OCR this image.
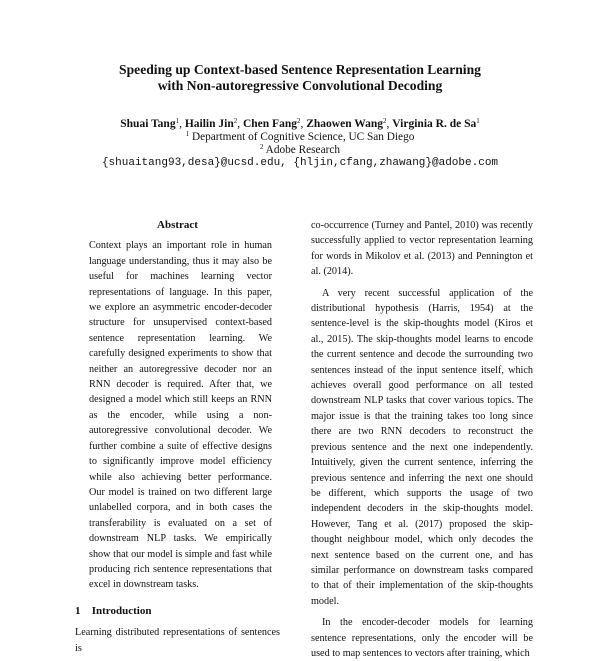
Speeding up Context-based Sentence Representation Learning
with Non-autoregressive Convolutional Decoding
Shuai Tang$^1$, Hailin Jin$^2$, Chen Fang$^2$, Zhaowen Wang$^2$, Virginia R. de Sa$^1$
$^1$ Department of Cognitive Science, UC San Diego
$^2$ Adobe Research
{shuaitang93,desa}@ucsd.edu, {hljin,cfang,zhawang}@adobe.com
Abstract
Context plays an important role in human language understanding, thus it may also be useful for machines learning vector representations of language. In this paper, we explore an asymmetric encoder-decoder structure for unsupervised context-based sentence representation learning. We carefully designed experiments to show that neither an autoregressive decoder nor an RNN decoder is required. After that, we designed a model which still keeps an RNN as the encoder, while using a non-autoregressive convolutional decoder. We further combine a suite of effective designs to significantly improve model efficiency while also achieving better performance. Our model is trained on two different large unlabelled corpora, and in both cases the transferability is evaluated on a set of downstream NLP tasks. We empirically show that our model is simple and fast while producing rich sentence representations that excel in downstream tasks.
1 Introduction

Learning distributed representations of sentences is

co-occurrence (Turney and Pantel, 2010) was recently successfully applied to vector representation learning for words in Mikolov et al. (2013) and Pennington et al. (2014).

A very recent successful application of the distributional hypothesis (Harris, 1954) at the sentence-level is the skip-thoughts model (Kiros et al., 2015). The skip-thoughts model learns to encode the current sentence and decode the surrounding two sentences instead of the input sentence itself, which achieves overall good performance on all tested downstream NLP tasks that cover various topics. The major issue is that the training takes too long since there are two RNN decoders to reconstruct the previous sentence and the next one independently. Intuitively, given the current sentence, inferring the previous sentence and inferring the next one should be different, which supports the usage of two independent decoders in the skip-thoughts model. However, Tang et al. (2017) proposed the skip-thought neighbour model, which only decodes the next sentence based on the current one, and has similar performance on downstream tasks compared to that of their implementation of the skip-thoughts model.

In the encoder-decoder models for learning sentence representations, only the encoder will be used to map sentences to vectors after training, which
